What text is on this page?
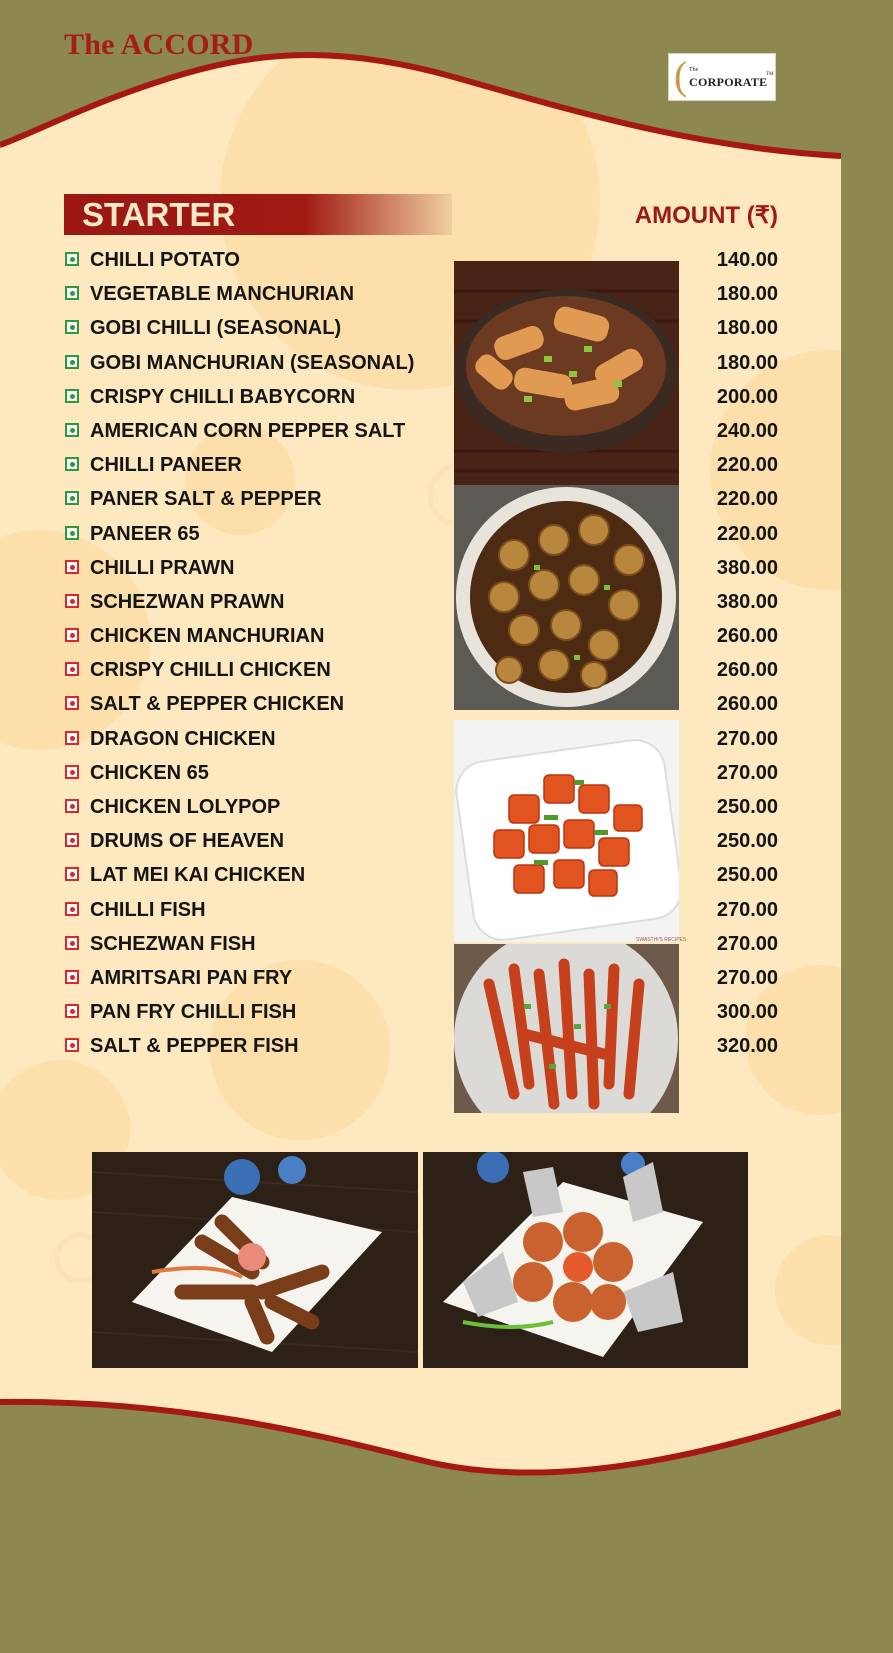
The ACCORD
( The
CORPORATE
TM
STARTER	AMOUNT (₹)
CHILLI POTATO	140.00
VEGETABLE MANCHURIAN	180.00
GOBI CHILLI (SEASONAL)	180.00
GOBI MANCHURIAN (SEASONAL)	180.00
CRISPY CHILLI BABYCORN	200.00
AMERICAN CORN PEPPER SALT	240.00
CHILLI PANEER	220.00
PANER SALT & PEPPER	220.00
PANEER 65	220.00
CHILLI PRAWN	380.00
SCHEZWAN PRAWN	380.00
CHICKEN MANCHURIAN	260.00
CRISPY CHILLI CHICKEN	260.00
SALT & PEPPER CHICKEN	260.00
DRAGON CHICKEN	270.00
CHICKEN 65	270.00
CHICKEN LOLYPOP	250.00
DRUMS OF HEAVEN	250.00
LAT MEI KAI CHICKEN	250.00
CHILLI FISH	270.00
SCHEZWAN FISH	270.00
AMRITSARI PAN FRY	270.00
PAN FRY CHILLI FISH	300.00
SALT & PEPPER FISH	320.00
SWASTHI'S RECIPES
